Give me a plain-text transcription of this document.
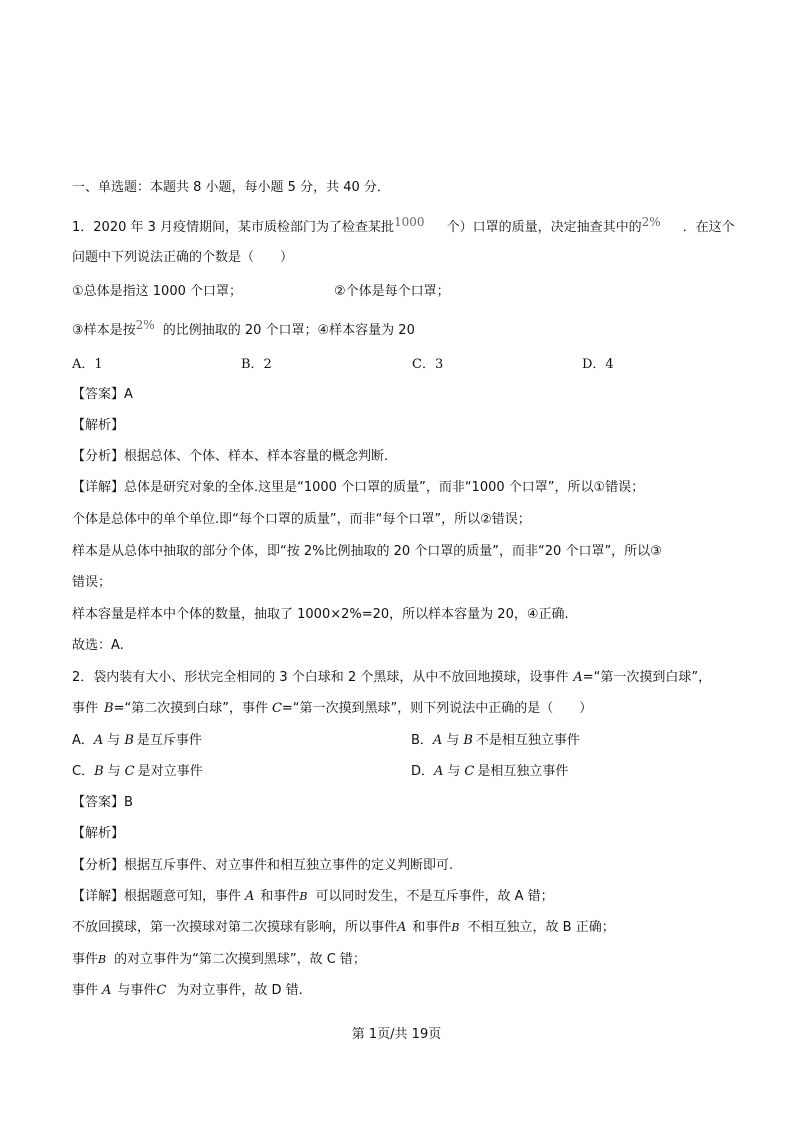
一、单选题：本题共 8 小题，每小题 5 分，共 40 分．
1．2020 年 3 月疫情期间，某市质检部门为了检查某批1000 个）口罩的质量，决定抽查其中的2% ．在这个
问题中下列说法正确的个数是（　　）
①总体是指这 1000 个口罩；	②个体是每个口罩；
③样本是按2% 的比例抽取的 20 个口罩；④样本容量为 20
A．1	B．2	C．3	D．4
【答案】A
【解析】
【分析】根据总体、个体、样本、样本容量的概念判断.
【详解】总体是研究对象的全体.这里是“1000 个口罩的质量”，而非“1000 个口罩”，所以①错误；
个体是总体中的单个单位.即“每个口罩的质量”，而非“每个口罩”，所以②错误；
样本是从总体中抽取的部分个体，即“按 2%比例抽取的 20 个口罩的质量”，而非“20 个口罩”，所以③
错误；
样本容量是样本中个体的数量，抽取了 1000×2%=20，所以样本容量为 20，④正确.
故选：A.
2．袋内装有大小、形状完全相同的 3 个白球和 2 个黑球，从中不放回地摸球，设事件 A=“第一次摸到白球”，
事件 B=“第二次摸到白球”，事件 C=“第一次摸到黑球”，则下列说法中正确的是（　　）
A．A 与 B 是互斥事件	B．A 与 B 不是相互独立事件
C．B 与 C 是对立事件	D．A 与 C 是相互独立事件
【答案】B
【解析】
【分析】根据互斥事件、对立事件和相互独立事件的定义判断即可.
【详解】根据题意可知，事件 A 和事件B 可以同时发生，不是互斥事件，故 A 错；
不放回摸球，第一次摸球对第二次摸球有影响，所以事件A 和事件B 不相互独立，故 B 正确；
事件B 的对立事件为“第二次摸到黑球”，故 C 错；
事件 A 与事件C 为对立事件，故 D 错.
第 1页/共 19页
